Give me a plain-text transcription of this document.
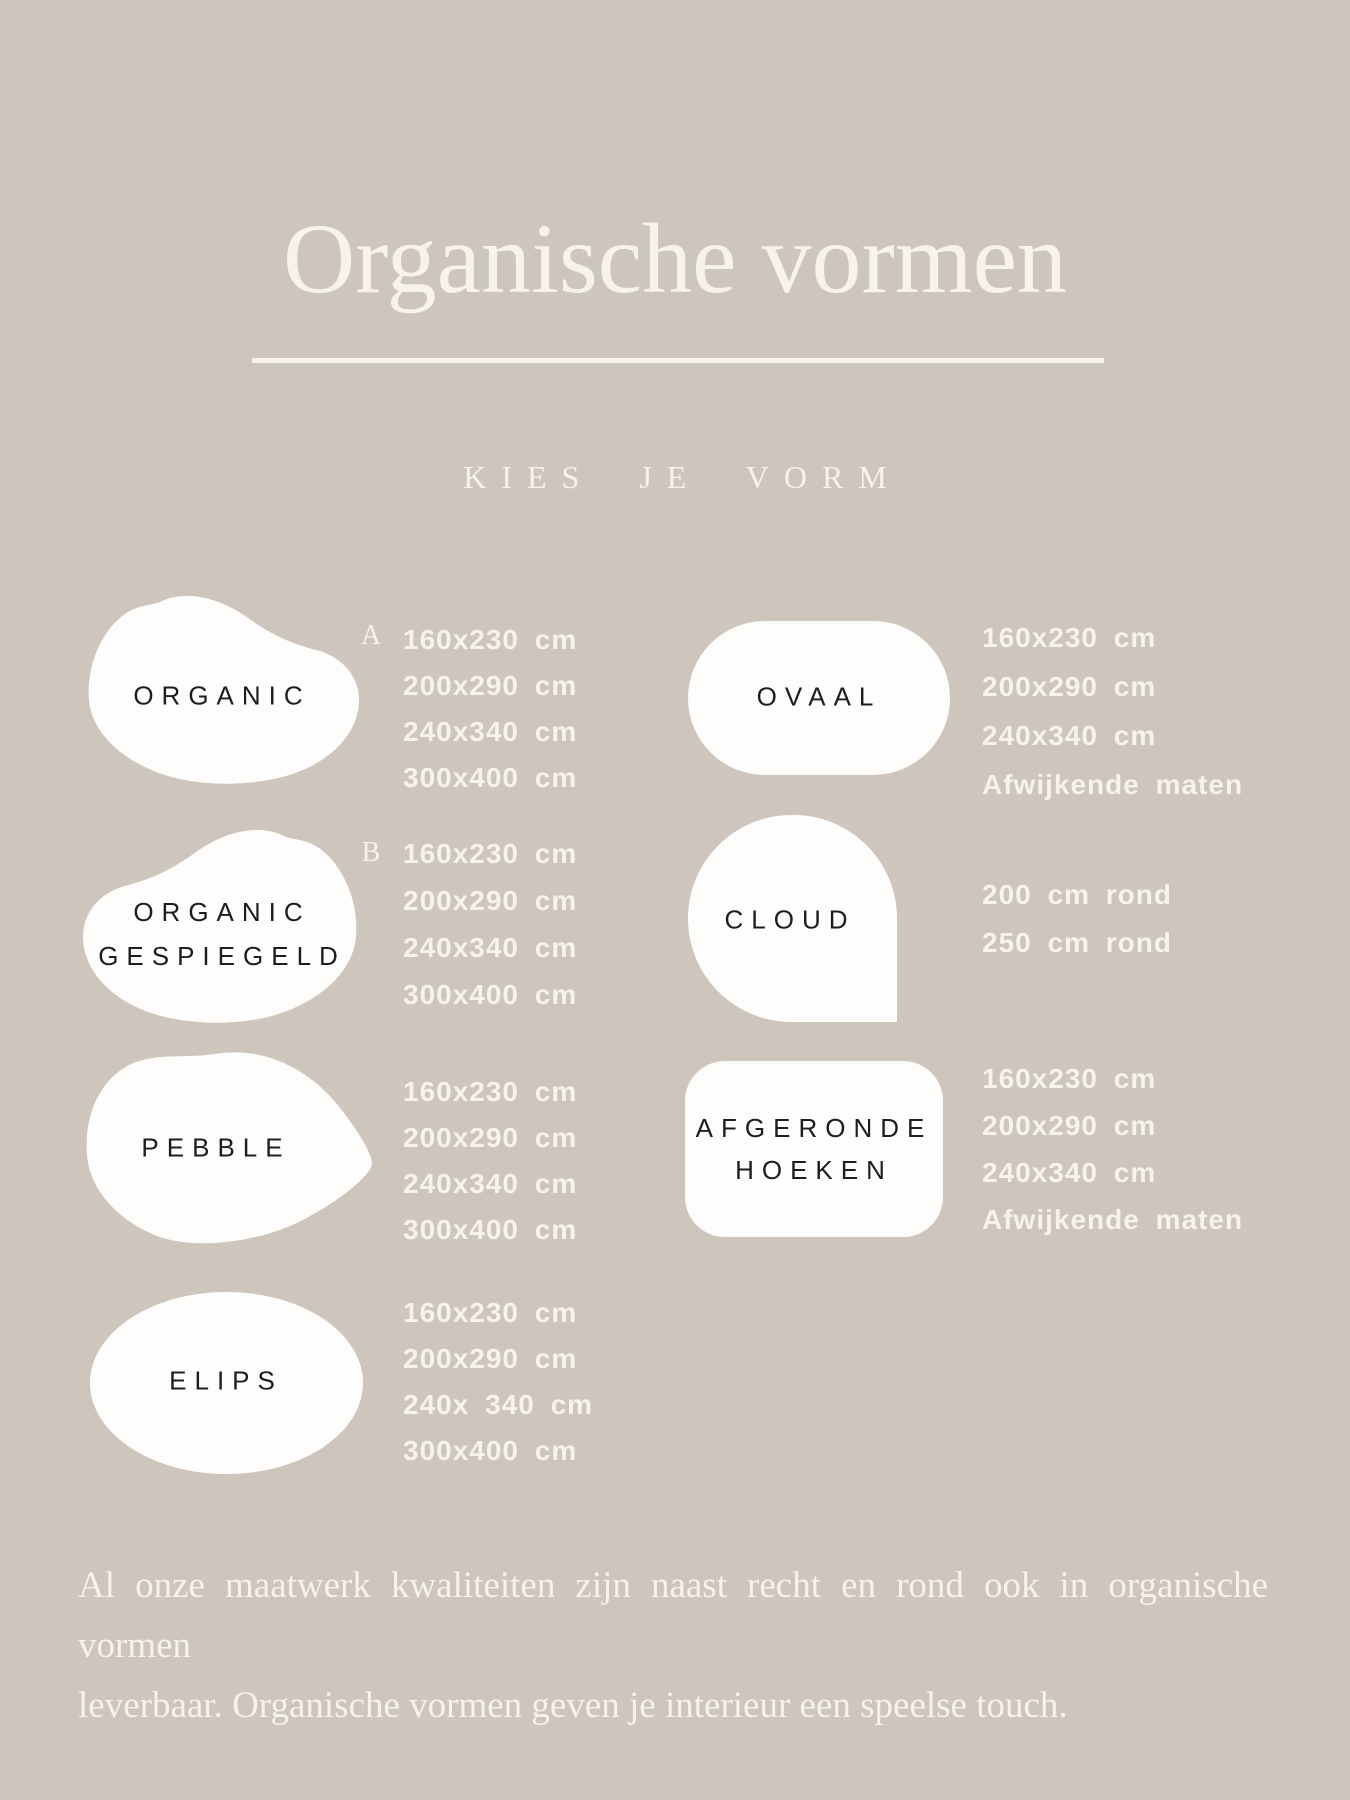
Organische vormen
KIES JE VORM
ORGANIC
A 160x230 cm
200x290 cm
240x340 cm
300x400 cm
ORGANIC
GESPIEGELD
B 160x230 cm
200x290 cm
240x340 cm
300x400 cm
PEBBLE
160x230 cm
200x290 cm
240x340 cm
300x400 cm
ELIPS
160x230 cm
200x290 cm
240x 340 cm
300x400 cm
OVAAL
160x230 cm
200x290 cm
240x340 cm
Afwijkende maten
CLOUD
200 cm rond
250 cm rond
AFGERONDE
HOEKEN
160x230 cm
200x290 cm
240x340 cm
Afwijkende maten
Al onze maatwerk kwaliteiten zijn naast recht en rond ook in organische vormen
leverbaar. Organische vormen geven je interieur een speelse touch.
